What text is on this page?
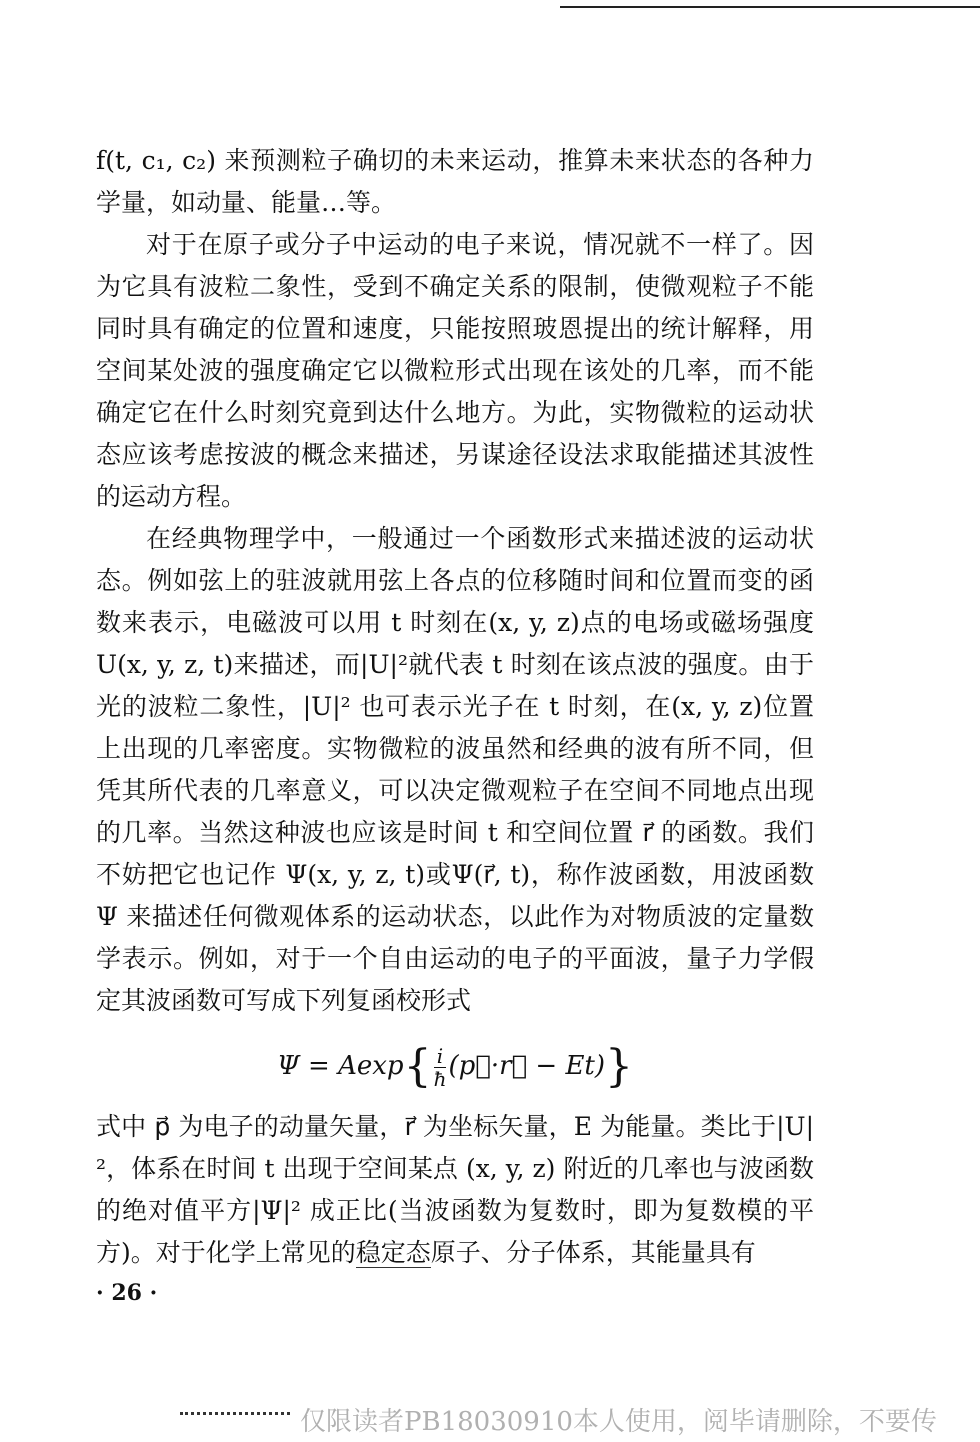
f(t, c₁, c₂) 来预测粒子确切的未来运动，推算未来状态的各种力学量，如动量、能量…等。

对于在原子或分子中运动的电子来说，情况就不一样了。因为它具有波粒二象性，受到不确定关系的限制，使微观粒子不能同时具有确定的位置和速度，只能按照玻恩提出的统计解释，用空间某处波的强度确定它以微粒形式出现在该处的几率，而不能确定它在什么时刻究竟到达什么地方。为此，实物微粒的运动状态应该考虑按波的概念来描述，另谋途径设法求取能描述其波性的运动方程。

在经典物理学中，一般通过一个函数形式来描述波的运动状态。例如弦上的驻波就用弦上各点的位移随时间和位置而变的函数来表示，电磁波可以用 t 时刻在(x, y, z)点的电场或磁场强度 U(x, y, z, t)来描述，而|U|²就代表 t 时刻在该点波的强度。由于光的波粒二象性，|U|² 也可表示光子在 t 时刻，在(x, y, z)位置上出现的几率密度。实物微粒的波虽然和经典的波有所不同，但凭其所代表的几率意义，可以决定微观粒子在空间不同地点出现的几率。当然这种波也应该是时间 t 和空间位置 r⃗ 的函数。我们不妨把它也记作 Ψ(x, y, z, t)或Ψ(r⃗, t)，称作波函数，用波函数 Ψ 来描述任何微观体系的运动状态，以此作为对物质波的定量数学表示。例如，对于一个自由运动的电子的平面波，量子力学假定其波函数可写成下列复函校形式

$\Psi = Aexp\{ \frac{i}{ħ}$ (p⃗·r⃗ − Et)}

式中 p⃗ 为电子的动量矢量，r⃗ 为坐标矢量，E 为能量。类比于|U|²，体系在时间 t 出现于空间某点 (x, y, z) 附近的几率也与波函数的绝对值平方|Ψ|² 成正比(当波函数为复数时，即为复数模的平方)。对于化学上常见的稳定态原子、分子体系，其能量具有

· 26 ·
仅限读者PB18030910本人使用，阅毕请删除，不要传
